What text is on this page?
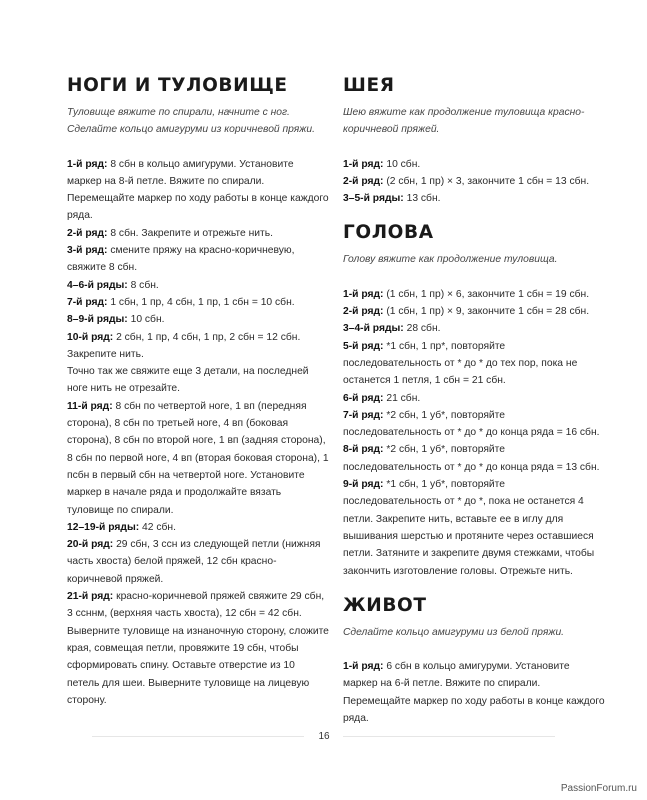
НОГИ И ТУЛОВИЩЕ

Туловище вяжите по спирали, начните с ног. Сделайте кольцо амигуруми из коричневой пряжи.

1-й ряд: 8 сбн в кольцо амигуруми. Установите маркер на 8-й петле. Вяжите по спирали. Перемещайте маркер по ходу работы в конце каждого ряда.

2-й ряд: 8 сбн. Закрепите и отрежьте нить.

3-й ряд: смените пряжу на красно-коричневую, свяжите 8 сбн.

4–6-й ряды: 8 сбн.

7-й ряд: 1 сбн, 1 пр, 4 сбн, 1 пр, 1 сбн = 10 сбн.

8–9-й ряды: 10 сбн.

10-й ряд: 2 сбн, 1 пр, 4 сбн, 1 пр, 2 сбн = 12 сбн. Закрепите нить.

Точно так же свяжите еще 3 детали, на последней ноге нить не отрезайте.

11-й ряд: 8 сбн по четвертой ноге, 1 вп (передняя сторона), 8 сбн по третьей ноге, 4 вп (боковая сторона), 8 сбн по второй ноге, 1 вп (задняя сторона), 8 сбн по первой ноге, 4 вп (вторая боковая сторона), 1 псбн в первый сбн на четвертой ноге. Установите маркер в начале ряда и продолжайте вязать туловище по спирали.

12–19-й ряды: 42 сбн.

20-й ряд: 29 сбн, 3 ссн из следующей петли (нижняя часть хвоста) белой пряжей, 12 сбн красно-коричневой пряжей.

21-й ряд: красно-коричневой пряжей свяжите 29 сбн, 3 ссннм, (верхняя часть хвоста), 12 сбн = 42 сбн.

Выверните туловище на изнаночную сторону, сложите края, совмещая петли, провяжите 19 сбн, чтобы сформировать спину. Оставьте отверстие из 10 петель для шеи. Выверните туловище на лицевую сторону.

ШЕЯ

Шею вяжите как продолжение туловища красно-коричневой пряжей.

1-й ряд: 10 сбн.

2-й ряд: (2 сбн, 1 пр) × 3, закончите 1 сбн = 13 сбн.

3–5-й ряды: 13 сбн.

ГОЛОВА

Голову вяжите как продолжение туловища.

1-й ряд: (1 сбн, 1 пр) × 6, закончите 1 сбн = 19 сбн.

2-й ряд: (1 сбн, 1 пр) × 9, закончите 1 сбн = 28 сбн.

3–4-й ряды: 28 сбн.

5-й ряд: *1 сбн, 1 пр*, повторяйте последовательность от * до * до тех пор, пока не останется 1 петля, 1 сбн = 21 сбн.

6-й ряд: 21 сбн.

7-й ряд: *2 сбн, 1 уб*, повторяйте последовательность от * до * до конца ряда = 16 сбн.

8-й ряд: *2 сбн, 1 уб*, повторяйте последовательность от * до * до конца ряда = 13 сбн.

9-й ряд: *1 сбн, 1 уб*, повторяйте последовательность от * до *, пока не останется 4 петли. Закрепите нить, вставьте ее в иглу для вышивания шерстью и протяните через оставшиеся петли. Затяните и закрепите двумя стежками, чтобы закончить изготовление головы. Отрежьте нить.

ЖИВОТ

Сделайте кольцо амигуруми из белой пряжи.

1-й ряд: 6 сбн в кольцо амигуруми. Установите маркер на 6-й петле. Вяжите по спирали. Перемещайте маркер по ходу работы в конце каждого ряда.

16
PassionForum.ru
